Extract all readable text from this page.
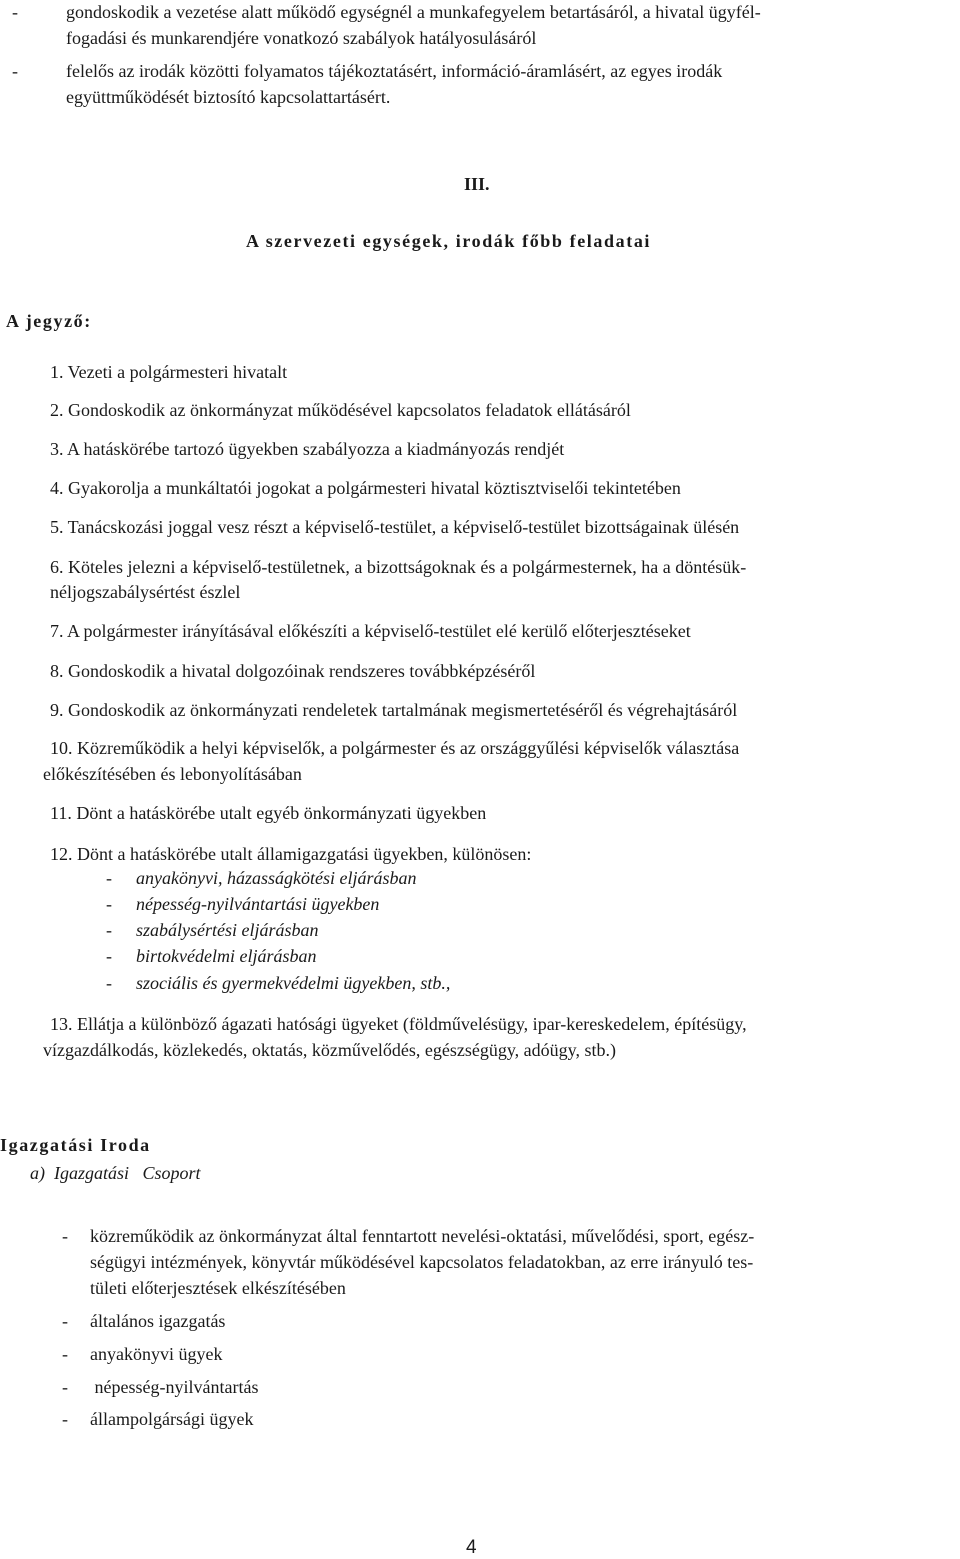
-	gondoskodik a vezetése alatt működő egységnél a munkafegyelem betartásáról, a hivatal ügyfél-
fogadási és munkarendjére vonatkozó szabályok hatályosulásáról
-	felelős az irodák közötti folyamatos tájékoztatásért, információ-áramlásért, az egyes irodák
együttműködését biztosító kapcsolattartásért.
III.
A szervezeti egységek, irodák főbb feladatai
A jegyző:
1. Vezeti a polgármesteri hivatalt
2. Gondoskodik az önkormányzat működésével kapcsolatos feladatok ellátásáról
3. A hatáskörébe tartozó ügyekben szabályozza a kiadmányozás rendjét
4. Gyakorolja a munkáltatói jogokat a polgármesteri hivatal köztisztviselői tekintetében
5. Tanácskozási joggal vesz részt a képviselő-testület, a képviselő-testület bizottságainak ülésén
6. Köteles jelezni a képviselő-testületnek, a bizottságoknak és a polgármesternek, ha a döntésük-
néljogszabálysértést észlel
7. A polgármester irányításával előkészíti a képviselő-testület elé kerülő előterjesztéseket
8. Gondoskodik a hivatal dolgozóinak rendszeres továbbképzéséről
9. Gondoskodik az önkormányzati rendeletek tartalmának megismertetéséről és végrehajtásáról
10. Közreműködik a helyi képviselők, a polgármester és az országgyűlési képviselők választása
előkészítésében és lebonyolításában
11. Dönt a hatáskörébe utalt egyéb önkormányzati ügyekben
12. Dönt a hatáskörébe utalt államigazgatási ügyekben, különösen:
- anyakönyvi, házasságkötési eljárásban
- népesség-nyilvántartási ügyekben
- szabálysértési eljárásban
- birtokvédelmi eljárásban
- szociális és gyermekvédelmi ügyekben, stb.,
13. Ellátja a különböző ágazati hatósági ügyeket (földművelésügy, ipar-kereskedelem, építésügy,
vízgazdálkodás, közlekedés, oktatás, közművelődés, egészségügy, adóügy, stb.)
Igazgatási Iroda
a)  Igazgatási   Csoport
- közreműködik az önkormányzat által fenntartott nevelési-oktatási, művelődési, sport, egész-
ségügyi intézmények, könyvtár működésével kapcsolatos feladatokban, az erre irányuló tes-
tületi előterjesztések elkészítésében
- általános igazgatás
- anyakönyvi ügyek
- népesség-nyilvántartás
- állampolgársági ügyek
4
